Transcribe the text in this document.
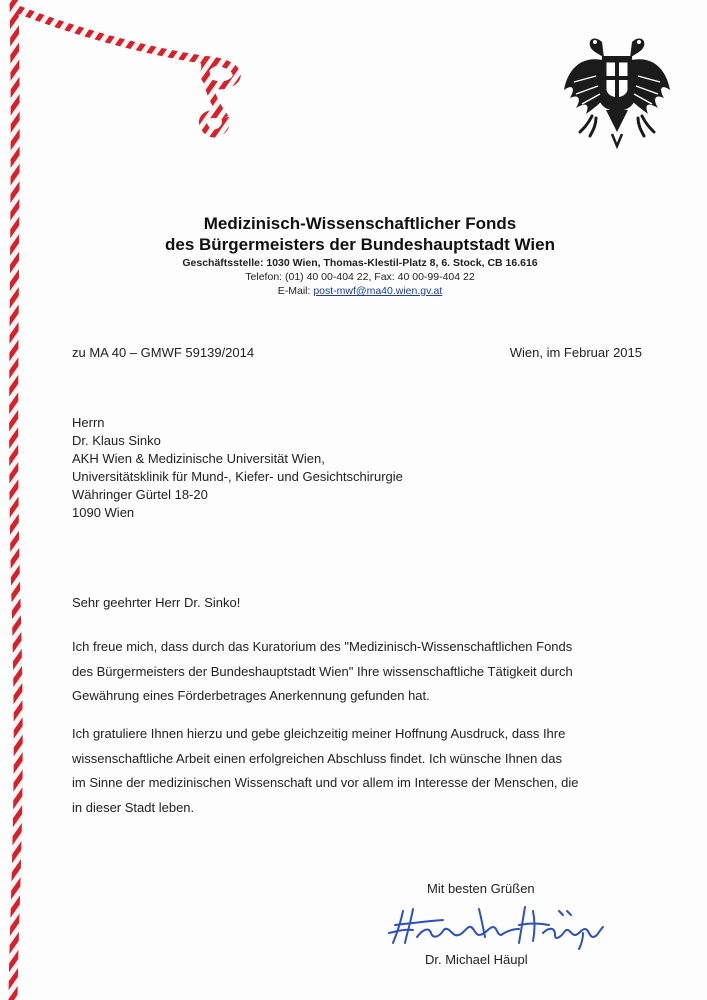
Medizinisch-Wissenschaftlicher Fonds
des Bürgermeisters der Bundeshauptstadt Wien
Geschäftsstelle: 1030 Wien, Thomas-Klestil-Platz 8, 6. Stock, CB 16.616
Telefon: (01) 40 00-404 22, Fax: 40 00-99-404 22
E-Mail: post-mwf@ma40.wien.gv.at
zu MA 40 – GMWF 59139/2014	Wien, im Februar 2015
Herrn
Dr. Klaus Sinko
AKH Wien & Medizinische Universität Wien,
Universitätsklinik für Mund-, Kiefer- und Gesichtschirurgie
Währinger Gürtel 18-20
1090 Wien
Sehr geehrter Herr Dr. Sinko!
Ich freue mich, dass durch das Kuratorium des "Medizinisch-Wissenschaftlichen Fonds
des Bürgermeisters der Bundeshauptstadt Wien" Ihre wissenschaftliche Tätigkeit durch
Gewährung eines Förderbetrages Anerkennung gefunden hat.
Ich gratuliere Ihnen hierzu und gebe gleichzeitig meiner Hoffnung Ausdruck, dass Ihre
wissenschaftliche Arbeit einen erfolgreichen Abschluss findet. Ich wünsche Ihnen das
im Sinne der medizinischen Wissenschaft und vor allem im Interesse der Menschen, die
in dieser Stadt leben.
Mit besten Grüßen
Dr. Michael Häupl
